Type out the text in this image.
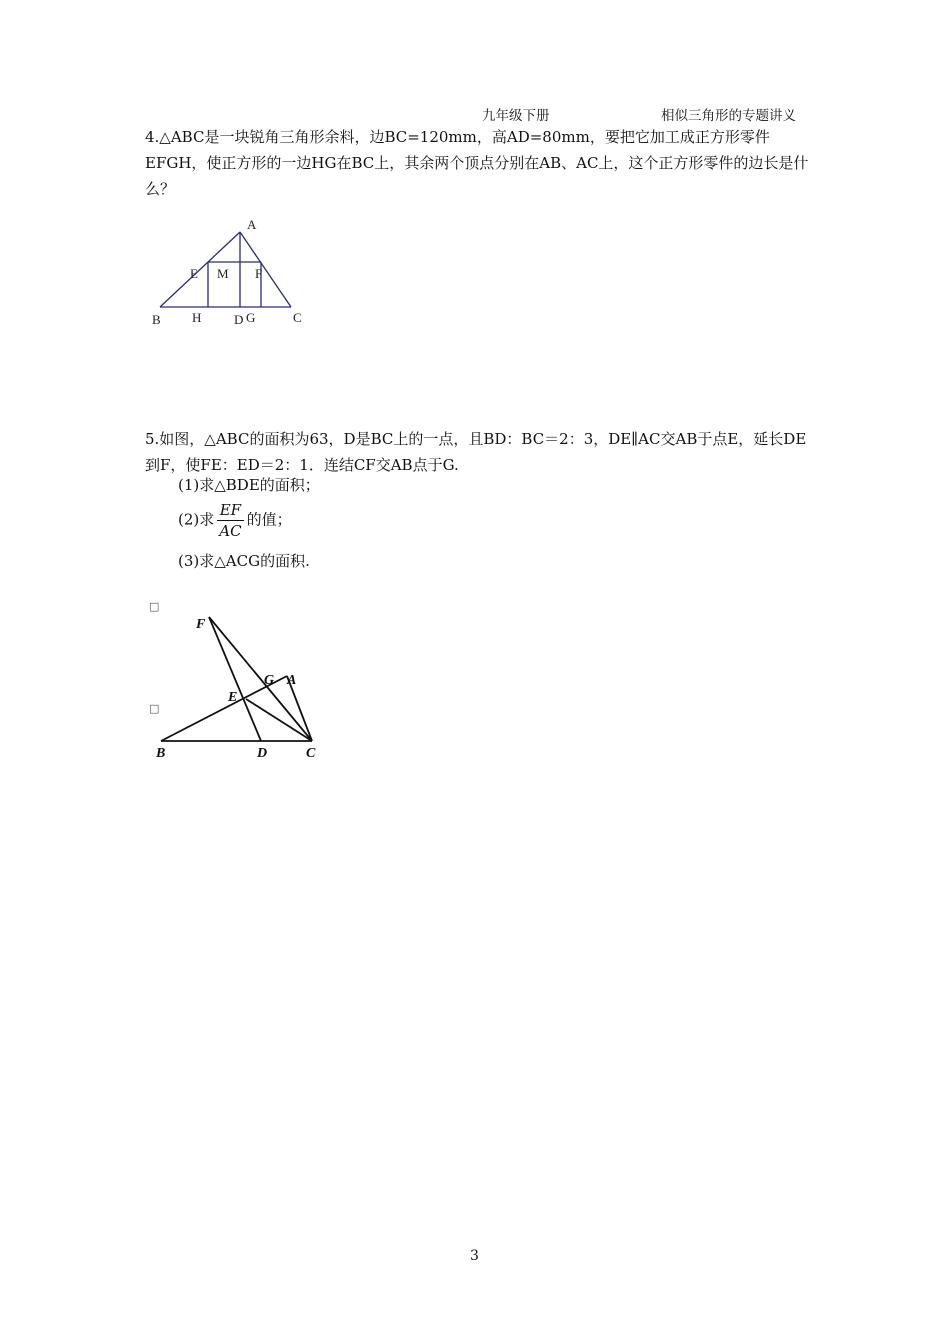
九年级下册	相似三角形的专题讲义
4.△ABC是一块锐角三角形余料，边BC=120mm，高AD=80mm，要把它加工成正方形零件EFGH，使正方形的一边HG在BC上，其余两个顶点分别在AB、AC上，这个正方形零件的边长是什么？
A
E M F
B H	D G	C
5.如图，△ABC的面积为63，D是BC上的一点，且BD：BC＝2：3，DE∥AC交AB于点E，延长DE到F，使FE：ED＝2：1．连结CF交AB点于G.
(1)求△BDE的面积；
(2)求 $\frac{EF}{AC}$ 的值；
(3)求△ACG的面积.
□
□
F
G A
E
B	D	C
3
